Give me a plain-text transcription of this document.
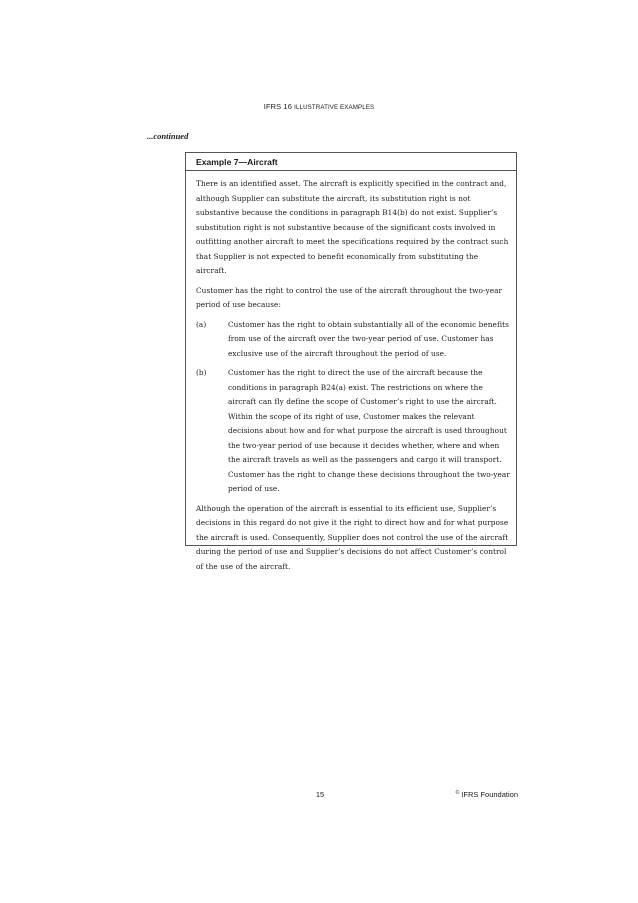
IFRS 16 ILLUSTRATIVE EXAMPLES
...continued
Example 7—Aircraft

There is an identified asset. The aircraft is explicitly specified in the contract and, although Supplier can substitute the aircraft, its substitution right is not substantive because the conditions in paragraph B14(b) do not exist. Supplier’s substitution right is not substantive because of the significant costs involved in outfitting another aircraft to meet the specifications required by the contract such that Supplier is not expected to benefit economically from substituting the aircraft.

Customer has the right to control the use of the aircraft throughout the two-year period of use because:

(a)	Customer has the right to obtain substantially all of the economic benefits from use of the aircraft over the two-year period of use. Customer has exclusive use of the aircraft throughout the period of use.
(b)	Customer has the right to direct the use of the aircraft because the conditions in paragraph B24(a) exist. The restrictions on where the aircraft can fly define the scope of Customer’s right to use the aircraft. Within the scope of its right of use, Customer makes the relevant decisions about how and for what purpose the aircraft is used throughout the two-year period of use because it decides whether, where and when the aircraft travels as well as the passengers and cargo it will transport. Customer has the right to change these decisions throughout the two-year period of use.

Although the operation of the aircraft is essential to its efficient use, Supplier’s decisions in this regard do not give it the right to direct how and for what purpose the aircraft is used. Consequently, Supplier does not control the use of the aircraft during the period of use and Supplier’s decisions do not affect Customer’s control of the use of the aircraft.

15	© IFRS Foundation
